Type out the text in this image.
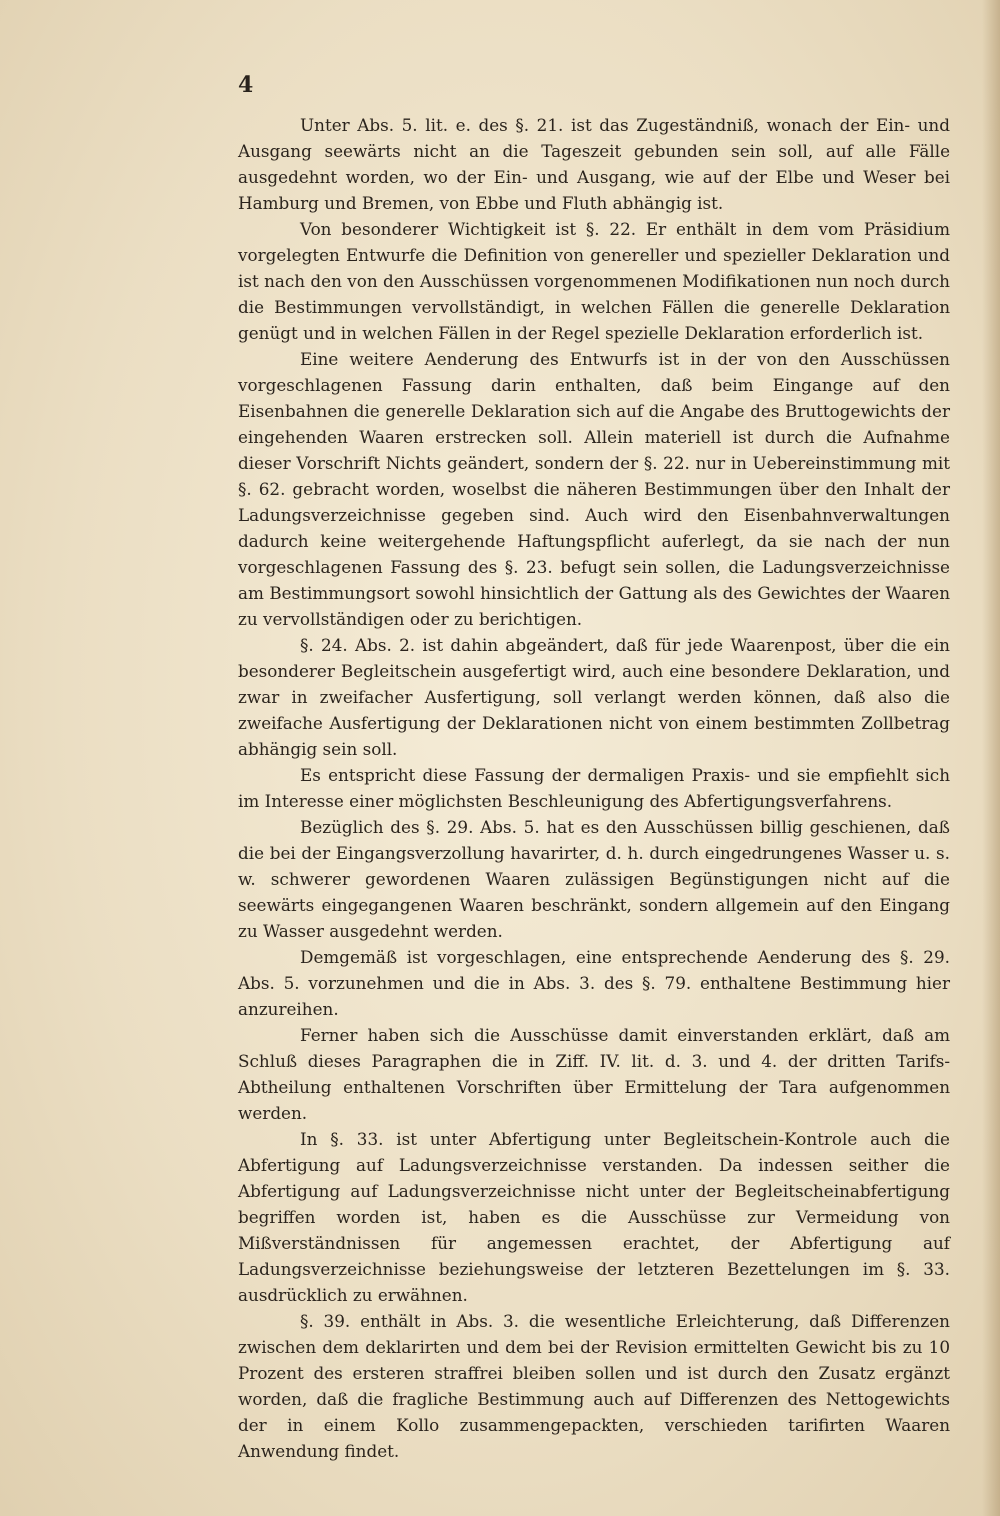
4

Unter Abs. 5. lit. e. des §. 21. ist das Zugeständniß, wonach der Ein- und Ausgang seewärts nicht an die Tageszeit gebunden sein soll, auf alle Fälle ausgedehnt worden, wo der Ein- und Ausgang, wie auf der Elbe und Weser bei Hamburg und Bremen, von Ebbe und Fluth abhängig ist.

Von besonderer Wichtigkeit ist §. 22. Er enthält in dem vom Präsidium vorgelegten Entwurfe die Definition von genereller und spezieller Deklaration und ist nach den von den Ausschüssen vorgenommenen Modifikationen nun noch durch die Bestimmungen vervollständigt, in welchen Fällen die generelle Deklaration genügt und in welchen Fällen in der Regel spezielle Deklaration erforderlich ist.

Eine weitere Aenderung des Entwurfs ist in der von den Ausschüssen vorgeschlagenen Fassung darin enthalten, daß beim Eingange auf den Eisenbahnen die generelle Deklaration sich auf die Angabe des Bruttogewichts der eingehenden Waaren erstrecken soll. Allein materiell ist durch die Aufnahme dieser Vorschrift Nichts geändert, sondern der §. 22. nur in Uebereinstimmung mit §. 62. gebracht worden, woselbst die näheren Bestimmungen über den Inhalt der Ladungsverzeichnisse gegeben sind. Auch wird den Eisenbahnverwaltungen dadurch keine weitergehende Haftungspflicht auferlegt, da sie nach der nun vorgeschlagenen Fassung des §. 23. befugt sein sollen, die Ladungsverzeichnisse am Bestimmungsort sowohl hinsichtlich der Gattung als des Gewichtes der Waaren zu vervollständigen oder zu berichtigen.

§. 24. Abs. 2. ist dahin abgeändert, daß für jede Waarenpost, über die ein besonderer Begleitschein ausgefertigt wird, auch eine besondere Deklaration, und zwar in zweifacher Ausfertigung, soll verlangt werden können, daß also die zweifache Ausfertigung der Deklarationen nicht von einem bestimmten Zollbetrag abhängig sein soll.

Es entspricht diese Fassung der dermaligen Praxis- und sie empfiehlt sich im Interesse einer möglichsten Beschleunigung des Abfertigungsverfahrens.

Bezüglich des §. 29. Abs. 5. hat es den Ausschüssen billig geschienen, daß die bei der Eingangsverzollung havarirter, d. h. durch eingedrungenes Wasser u. s. w. schwerer gewordenen Waaren zulässigen Begünstigungen nicht auf die seewärts eingegangenen Waaren beschränkt, sondern allgemein auf den Eingang zu Wasser ausgedehnt werden.

Demgemäß ist vorgeschlagen, eine entsprechende Aenderung des §. 29. Abs. 5. vorzunehmen und die in Abs. 3. des §. 79. enthaltene Bestimmung hier anzureihen.

Ferner haben sich die Ausschüsse damit einverstanden erklärt, daß am Schluß dieses Paragraphen die in Ziff. IV. lit. d. 3. und 4. der dritten Tarifs-Abtheilung enthaltenen Vorschriften über Ermittelung der Tara aufgenommen werden.

In §. 33. ist unter Abfertigung unter Begleitschein-Kontrole auch die Abfertigung auf Ladungsverzeichnisse verstanden. Da indessen seither die Abfertigung auf Ladungsverzeichnisse nicht unter der Begleitscheinabfertigung begriffen worden ist, haben es die Ausschüsse zur Vermeidung von Mißverständnissen für angemessen erachtet, der Abfertigung auf Ladungsverzeichnisse beziehungsweise der letzteren Bezettelungen im §. 33. ausdrücklich zu erwähnen.

§. 39. enthält in Abs. 3. die wesentliche Erleichterung, daß Differenzen zwischen dem deklarirten und dem bei der Revision ermittelten Gewicht bis zu 10 Prozent des ersteren straffrei bleiben sollen und ist durch den Zusatz ergänzt worden, daß die fragliche Bestimmung auch auf Differenzen des Nettogewichts der in einem Kollo zusammengepackten, verschieden tarifirten Waaren Anwendung findet.
